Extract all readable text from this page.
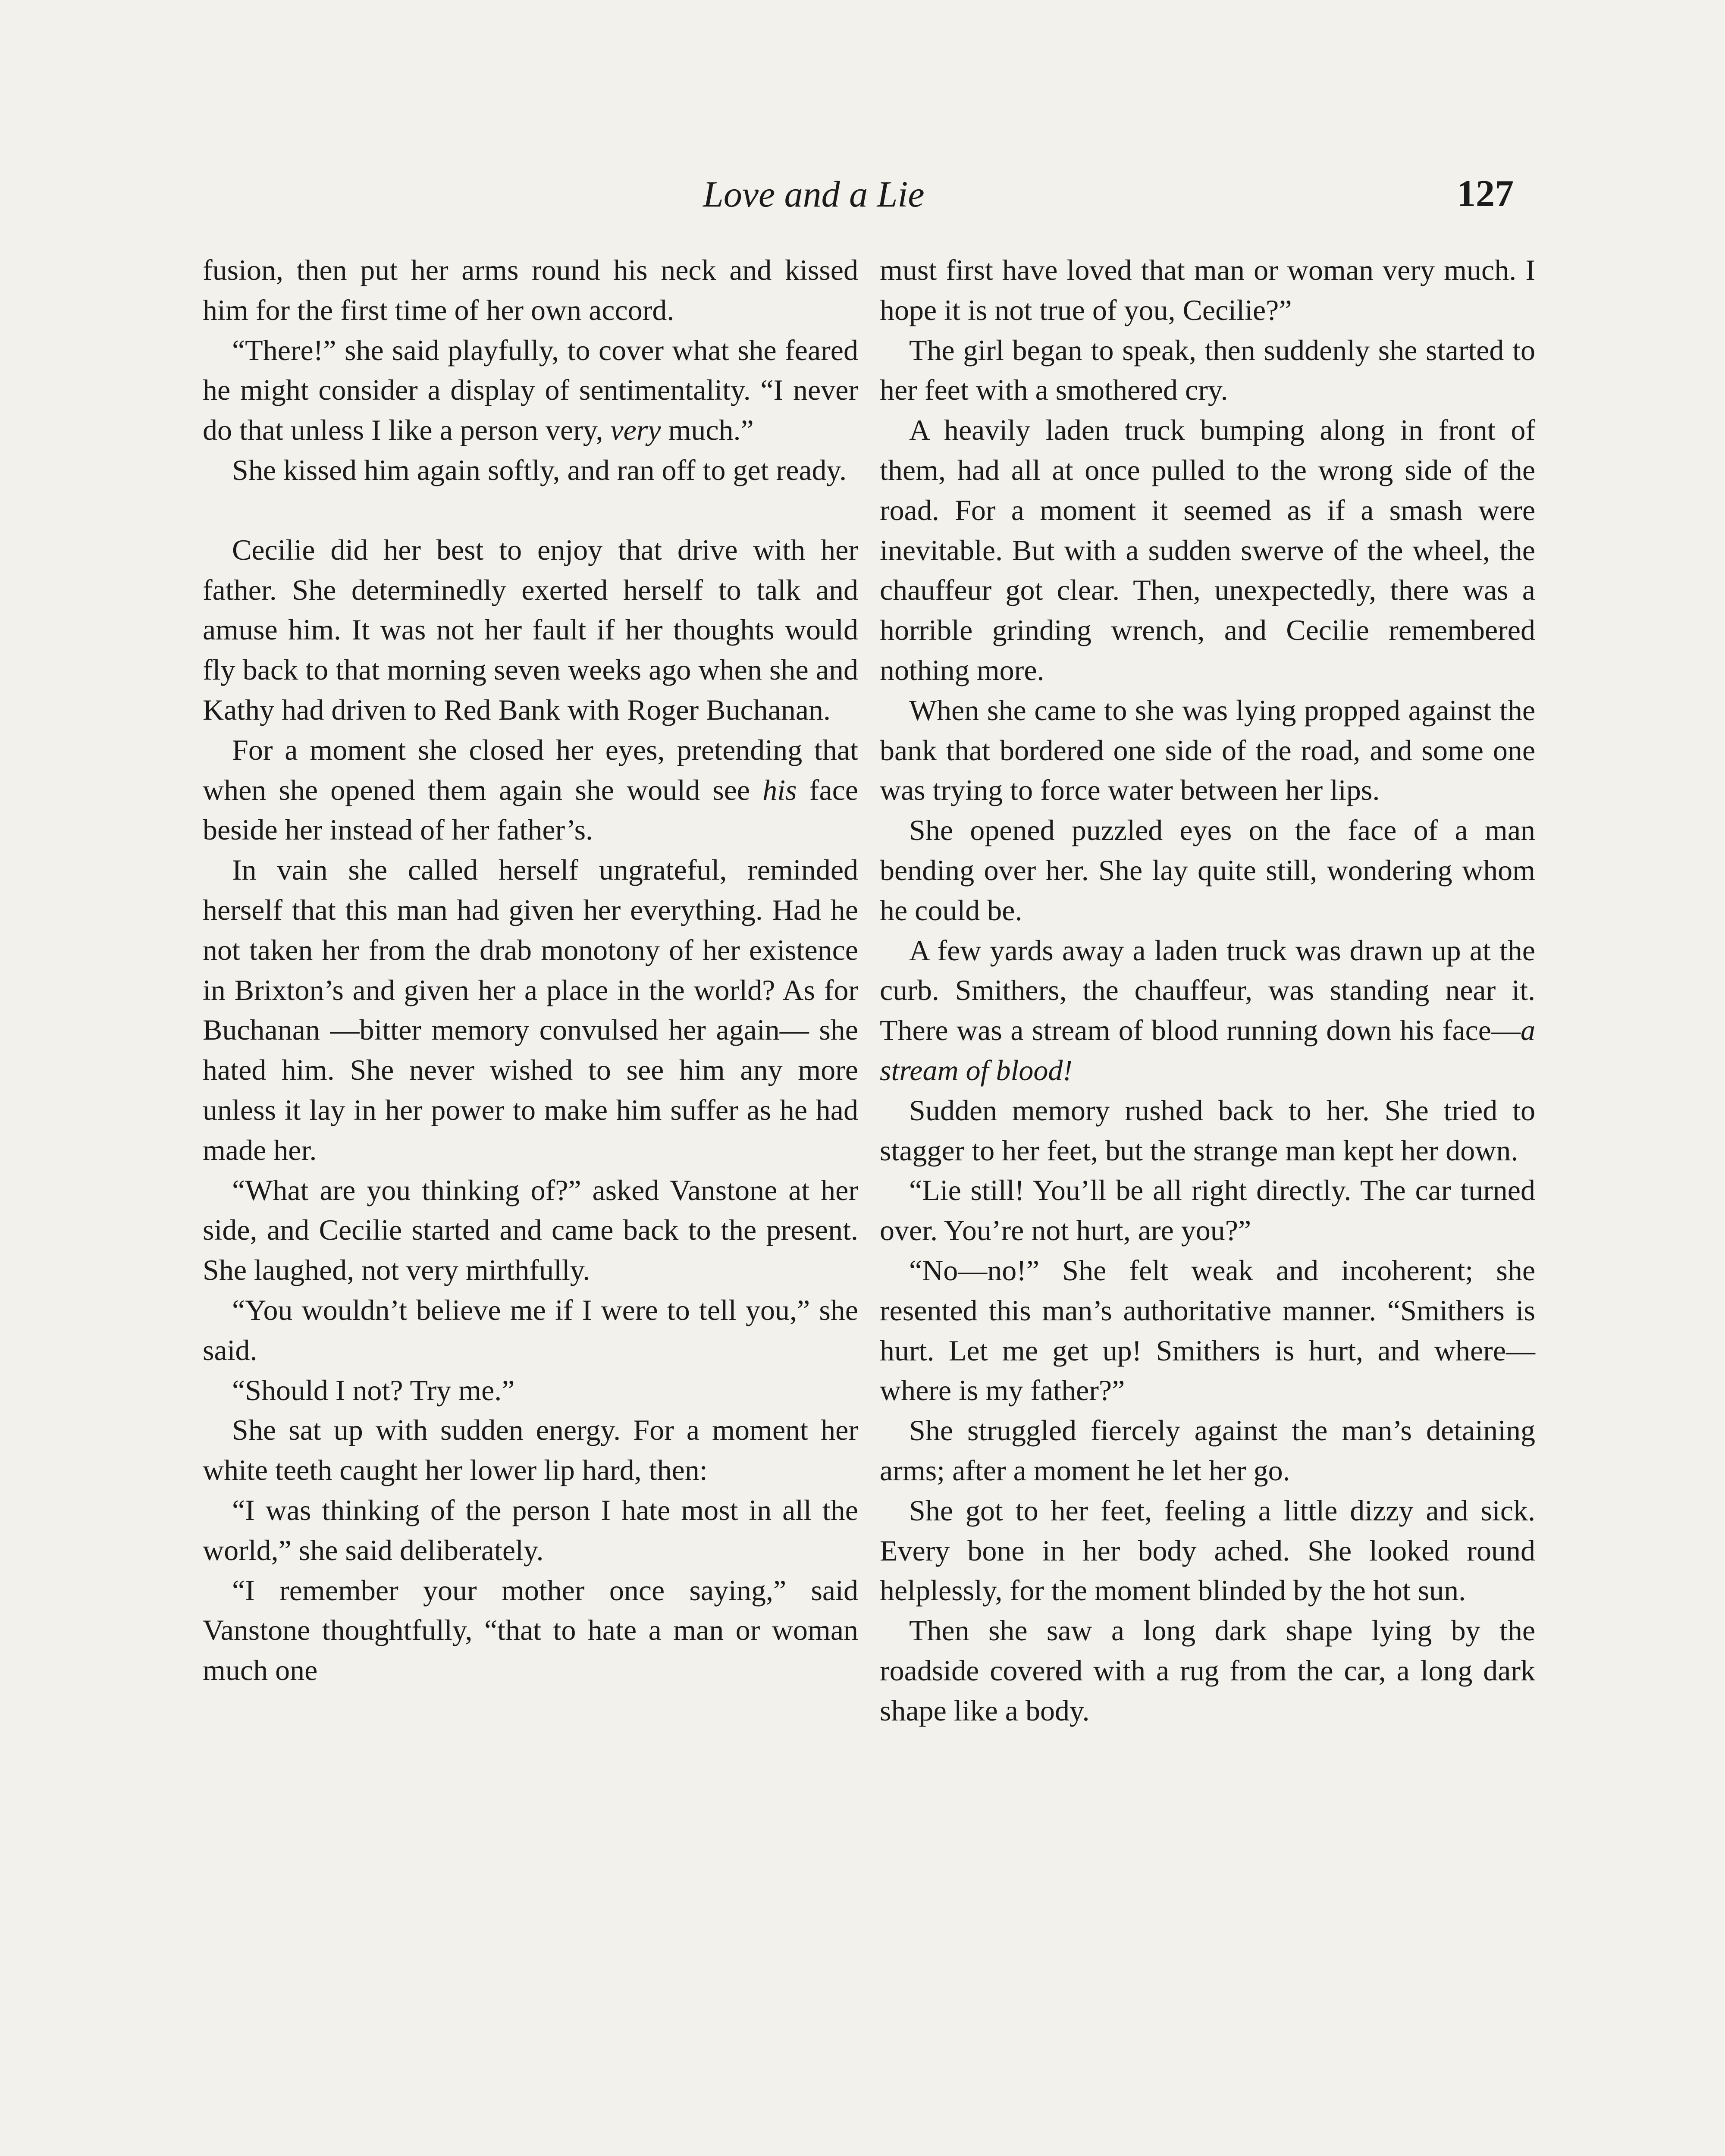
Love and a Lie	127

fusion, then put her arms round his neck and kissed him for the first time of her own accord.

“There!” she said playfully, to cover what she feared he might consider a display of sentimentality. “I never do that unless I like a person very, very much.”

She kissed him again softly, and ran off to get ready.

Cecilie did her best to enjoy that drive with her father. She determinedly exerted herself to talk and amuse him. It was not her fault if her thoughts would fly back to that morning seven weeks ago when she and Kathy had driven to Red Bank with Roger Buchanan.

For a moment she closed her eyes, pretending that when she opened them again she would see his face beside her instead of her father’s.

In vain she called herself ungrateful, reminded herself that this man had given her everything. Had he not taken her from the drab monotony of her existence in Brixton’s and given her a place in the world? As for Buchanan —bitter memory convulsed her again— she hated him. She never wished to see him any more unless it lay in her power to make him suffer as he had made her.

“What are you thinking of?” asked Vanstone at her side, and Cecilie started and came back to the present. She laughed, not very mirthfully.

“You wouldn’t believe me if I were to tell you,” she said.

“Should I not? Try me.”

She sat up with sudden energy. For a moment her white teeth caught her lower lip hard, then:

“I was thinking of the person I hate most in all the world,” she said deliberately.

“I remember your mother once saying,” said Vanstone thoughtfully, “that to hate a man or woman much one

must first have loved that man or woman very much. I hope it is not true of you, Cecilie?”

The girl began to speak, then suddenly she started to her feet with a smothered cry.

A heavily laden truck bumping along in front of them, had all at once pulled to the wrong side of the road. For a moment it seemed as if a smash were inevitable. But with a sudden swerve of the wheel, the chauffeur got clear. Then, unexpectedly, there was a horrible grinding wrench, and Cecilie remembered nothing more.

When she came to she was lying propped against the bank that bordered one side of the road, and some one was trying to force water between her lips.

She opened puzzled eyes on the face of a man bending over her. She lay quite still, wondering whom he could be.

A few yards away a laden truck was drawn up at the curb. Smithers, the chauffeur, was standing near it. There was a stream of blood running down his face—a stream of blood!

Sudden memory rushed back to her. She tried to stagger to her feet, but the strange man kept her down.

“Lie still! You’ll be all right directly. The car turned over. You’re not hurt, are you?”

“No—no!” She felt weak and incoherent; she resented this man’s authoritative manner. “Smithers is hurt. Let me get up! Smithers is hurt, and where—where is my father?”

She struggled fiercely against the man’s detaining arms; after a moment he let her go.

She got to her feet, feeling a little dizzy and sick. Every bone in her body ached. She looked round helplessly, for the moment blinded by the hot sun.

Then she saw a long dark shape lying by the roadside covered with a rug from the car, a long dark shape like a body.
